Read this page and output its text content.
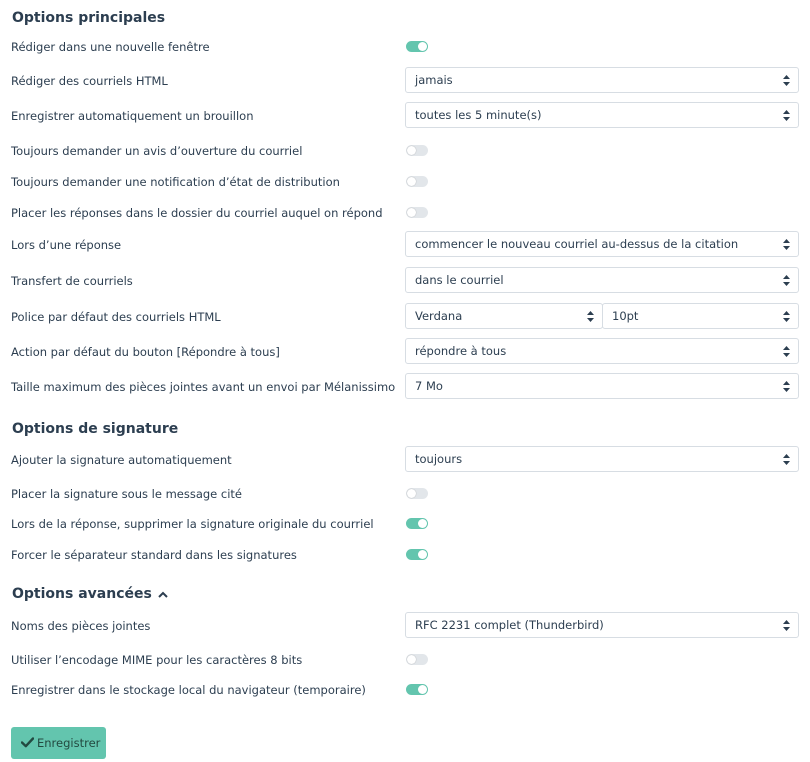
Options principales
Rédiger dans une nouvelle fenêtre
Rédiger des courriels HTML	jamais
Enregistrer automatiquement un brouillon	toutes les 5 minute(s)
Toujours demander un avis d’ouverture du courriel
Toujours demander une notification d’état de distribution
Placer les réponses dans le dossier du courriel auquel on répond
Lors d’une réponse	commencer le nouveau courriel au-dessus de la citation
Transfert de courriels	dans le courriel
Police par défaut des courriels HTML	Verdana	10pt
Action par défaut du bouton [Répondre à tous]	répondre à tous
Taille maximum des pièces jointes avant un envoi par Mélanissimo 7 Mo
Options de signature
Ajouter la signature automatiquement	toujours
Placer la signature sous le message cité
Lors de la réponse, supprimer la signature originale du courriel
Forcer le séparateur standard dans les signatures
Options avancées
Noms des pièces jointes	RFC 2231 complet (Thunderbird)
Utiliser l’encodage MIME pour les caractères 8 bits
Enregistrer dans le stockage local du navigateur (temporaire)
Enregistrer
